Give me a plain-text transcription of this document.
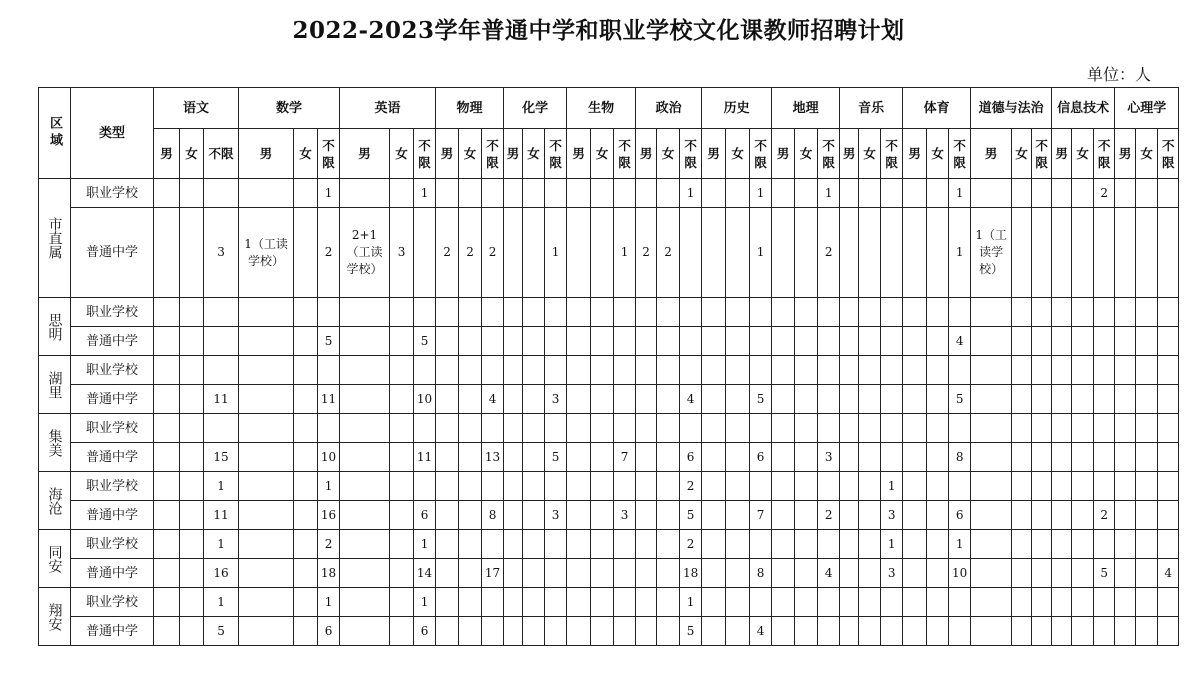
2022-2023学年普通中学和职业学校文化课教师招聘计划
单位：人
区域	类型	语文			数学			英语			物理			化学			生物			政治			历史			地理			音乐			体育			道德与法治			信息技术			心理学		
		男	女	不限	男	女	不限	男	女	不限	男	女	不限	男	女	不限	男	女	不限	男	女	不限	男	女	不限	男	女	不限	男	女	不限	男	女	不限	男	女	不限	男	女	不限	男	女	不限
市直属	职业学校						1			1												1			1			1						1						2			
	普通中学			3	1（工读学校）		2	2+1（工读学校）	3		2	2	2			1			1	2	2				1			2						1	1（工读学校）								
思明	职业学校																																										
	普通中学						5			5																								4									
湖里	职业学校																																										
	普通中学			11			11			10			4			3						4			5									5									
集美	职业学校																																										
	普通中学			15			10			11			13			5			7			6			6			3						8									
海沧	职业学校			1			1															2									1												
	普通中学			11			16			6			8			3			3			5			7			2			3			6						2			
同安	职业学校			1			2			1												2									1			1									
	普通中学			16			18			14			17									18			8			4			3			10						5			4
翔安	职业学校			1			1			1												1																					
	普通中学			5			6			6												5			4																		
